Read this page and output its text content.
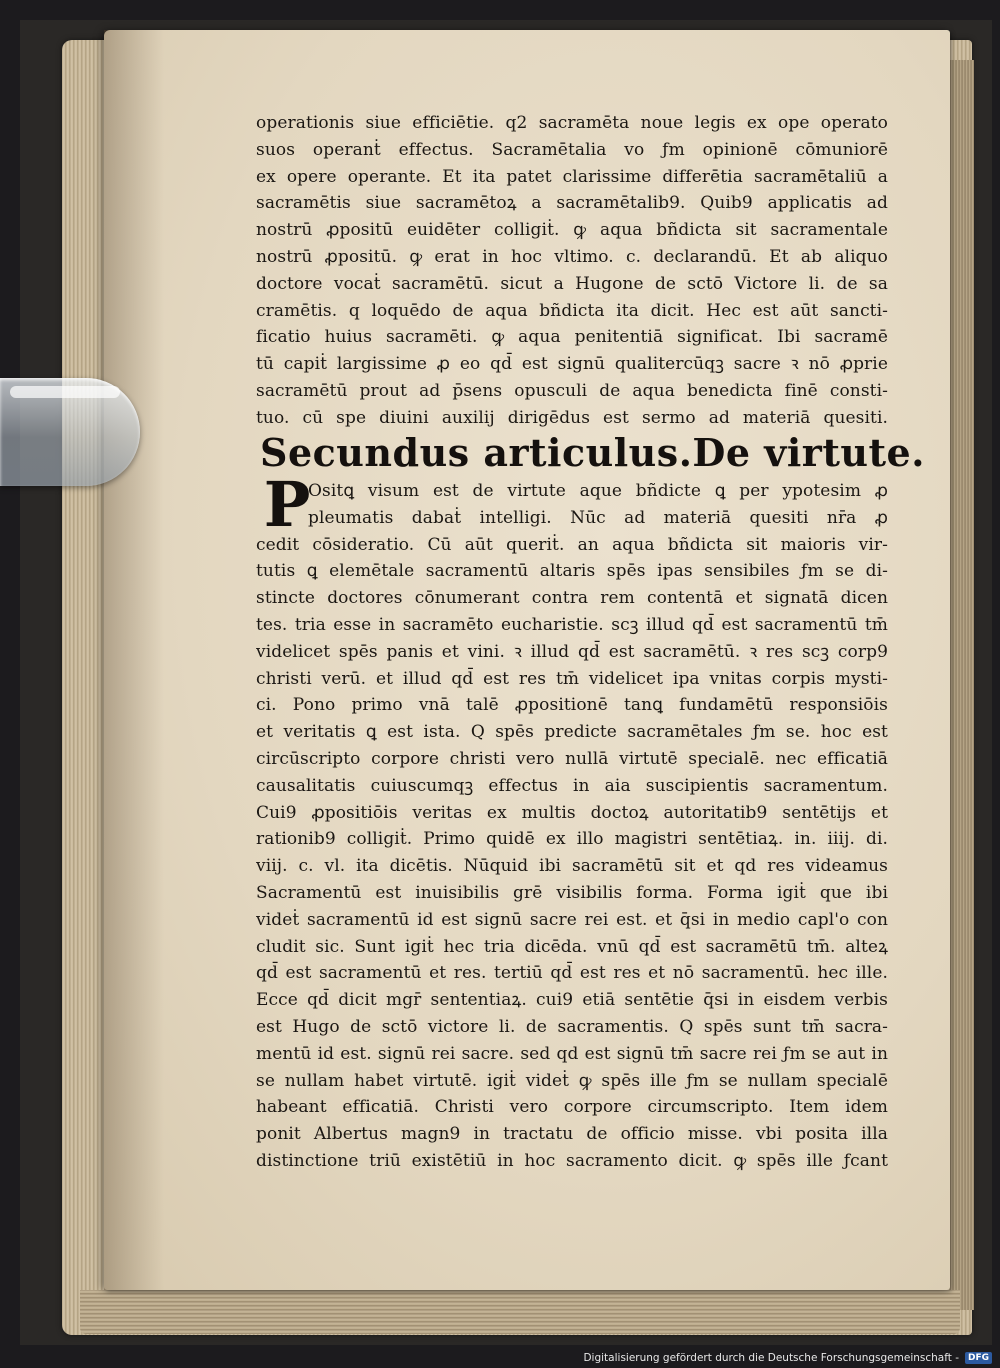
operationis siue efficiētie. q2 sacramēta noue legis ex ope operato
suos operanṫ effectus. Sacramētalia vo ƒm opinionē cōmuniorē
ex opere operante. Et ita patet clarissime differētia sacramētaliū a
sacramētis siue sacramētoꝝ a sacramētalib9. Quib9 applicatis ad
nostrū ꝓpositū euidēter colligiṫ. ꝙ aqua bñdicta sit sacramentale
nostrū ꝓpositū. ꝙ erat in hoc vltimo. c. declarandū. Et ab aliquo
doctore vocaṫ sacramētū. sicut a Hugone de sctō Victore li. de sa
cramētis. q loquēdo de aqua bñdicta ita dicit. Hec est aūt sancti-
ficatio huius sacramēti. ꝙ aqua penitentiā significat. Ibi sacramē
tū capiṫ largissime ꝓ eo qd̄ est signū qualitercūqꝫ sacre ꝛ nō ꝓprie
sacramētū prout ad p̄sens opusculi de aqua benedicta finē consti-
tuo. cū spe diuini auxilij dirigēdus est sermo ad materiā quesiti.
Secundus articulus. De virtute.
P
Ositꝗ visum est de virtute aque bñdicte ꝗ per ypotesim ꝓ
pleumatis dabaṫ intelligi. Nūc ad materiā quesiti nr̄a ꝓ
cedit cōsideratio. Cū aūt queriṫ. an aqua bñdicta sit maioris vir-
tutis ꝗ elemētale sacramentū altaris spēs ipas sensibiles ƒm se di-
stincte doctores cōnumerant contra rem contentā et signatā dicen
tes. tria esse in sacramēto eucharistie. scꝫ illud qd̄ est sacramentū tm̄
videlicet spēs panis et vini. ꝛ illud qd̄ est sacramētū. ꝛ res scꝫ corp9
christi verū. et illud qd̄ est res tm̄ videlicet ipa vnitas corpis mysti-
ci. Pono primo vnā talē ꝓpositionē tanꝗ fundamētū responsiōis
et veritatis ꝗ est ista. Q spēs predicte sacramētales ƒm se. hoc est
circūscripto corpore christi vero nullā virtutē specialē. nec efficatiā
causalitatis cuiuscumqꝫ effectus in aia suscipientis sacramentum.
Cui9 ꝓpositiōis veritas ex multis doctoꝝ autoritatib9 sentētijs et
rationib9 colligiṫ. Primo quidē ex illo magistri sentētiaꝝ. in. iiij. di.
viij. c. vl. ita dicētis. Nūquid ibi sacramētū sit et qd res videamus
Sacramentū est inuisibilis grē visibilis forma. Forma igiṫ que ibi
videṫ sacramentū id est signū sacre rei est. et q̄si in medio capl'o con
cludit sic. Sunt igiṫ hec tria dicēda. vnū qd̄ est sacramētū tm̄. alteꝝ
qd̄ est sacramentū et res. tertiū qd̄ est res et nō sacramentū. hec ille.
Ecce qd̄ dicit mgr̄ sententiaꝝ. cui9 etiā sentētie q̄si in eisdem verbis
est Hugo de sctō victore li. de sacramentis. Q spēs sunt tm̄ sacra-
mentū id est. signū rei sacre. sed qd est signū tm̄ sacre rei ƒm se aut in
se nullam habet virtutē. igiṫ videṫ ꝙ spēs ille ƒm se nullam specialē
habeant efficatiā. Christi vero corpore circumscripto. Item idem
ponit Albertus magn9 in tractatu de officio misse. vbi posita illa
distinctione triū existētiū in hoc sacramento dicit. ꝙ spēs ille ƒcant
Digitalisierung gefördert durch die Deutsche Forschungsgemeinschaft -	DFG
